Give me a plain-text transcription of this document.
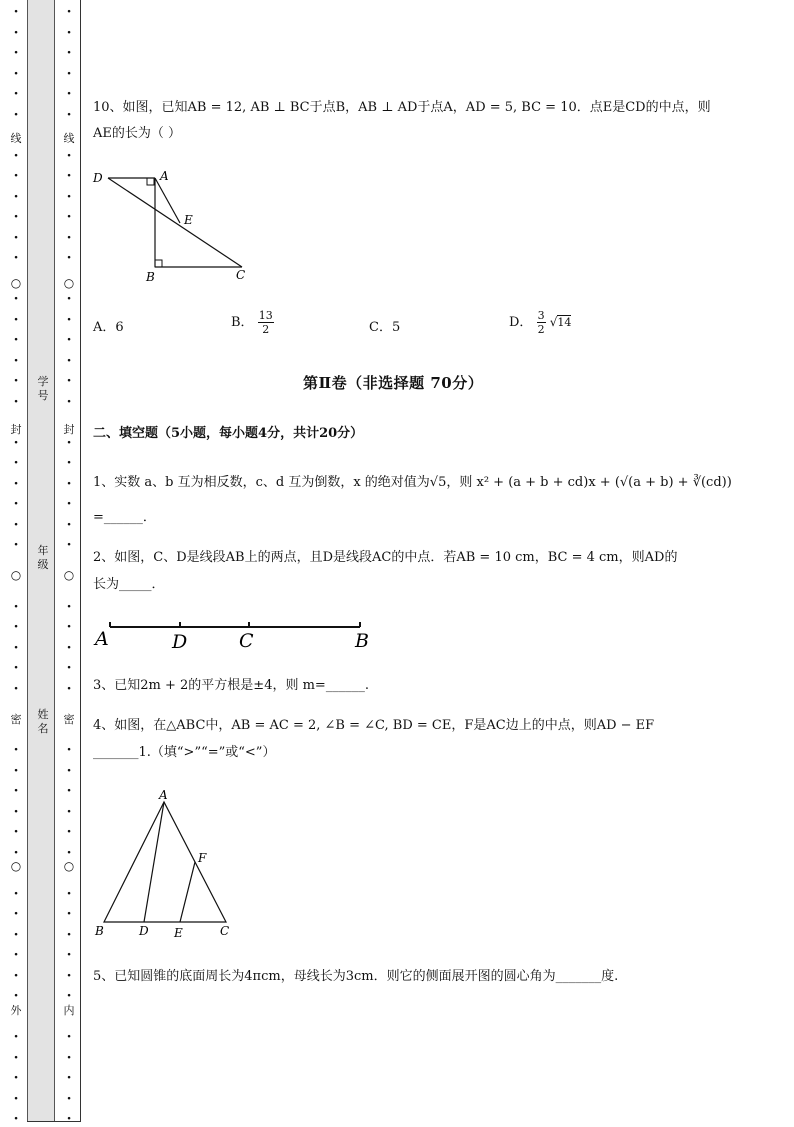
·
·
·
·
·
·
·
·
·
·
·
·
·
·
·
·
·
·
·
·
·
·
·
·
·
·
·
·
·
·
·
·
·
·
·
·
·
·
·
·
·
·
·
·
·
·
线
○
封
○
密
○
外
·
·
·
·
·
·
·
·
·
·
·
·
·
·
·
·
·
·
·
·
·
·
·
·
·
·
·
·
·
·
·
·
·
·
·
·
·
·
·
·
·
·
·
·
·
·
线
○
封
○
密
○
内
学号
年级
姓名
10、如图，已知AB = 12, AB ⊥ BC于点B，AB ⊥ AD于点A，AD = 5, BC = 10．点E是CD的中点，则
AE的长为（ ）
D	A
E
B	C
A．6	B． $\frac{13}{2}$	C．5	D． $\frac{3}{2} √14$
第Ⅱ卷（非选择题 70分）
二、填空题（5小题，每小题4分，共计20分）
1、实数 a、b 互为相反数，c、d 互为倒数，x 的绝对值为√5，则 x² + (a + b + cd)x + (√(a + b) + ∛(cd))
=______．
2、如图，C、D是线段AB上的两点，且D是线段AC的中点．若AB = 10 cm，BC = 4 cm，则AD的
长为_____．
A	D	C	B
3、已知2m + 2的平方根是±4，则 m=______.
4、如图，在△ABC中，AB = AC = 2, ∠B = ∠C, BD = CE，F是AC边上的中点，则AD − EF
_______1.（填“>”“=”或“<”）
A
F
B	D E	C
5、已知圆锥的底面周长为4πcm，母线长为3cm．则它的侧面展开图的圆心角为_______度.
